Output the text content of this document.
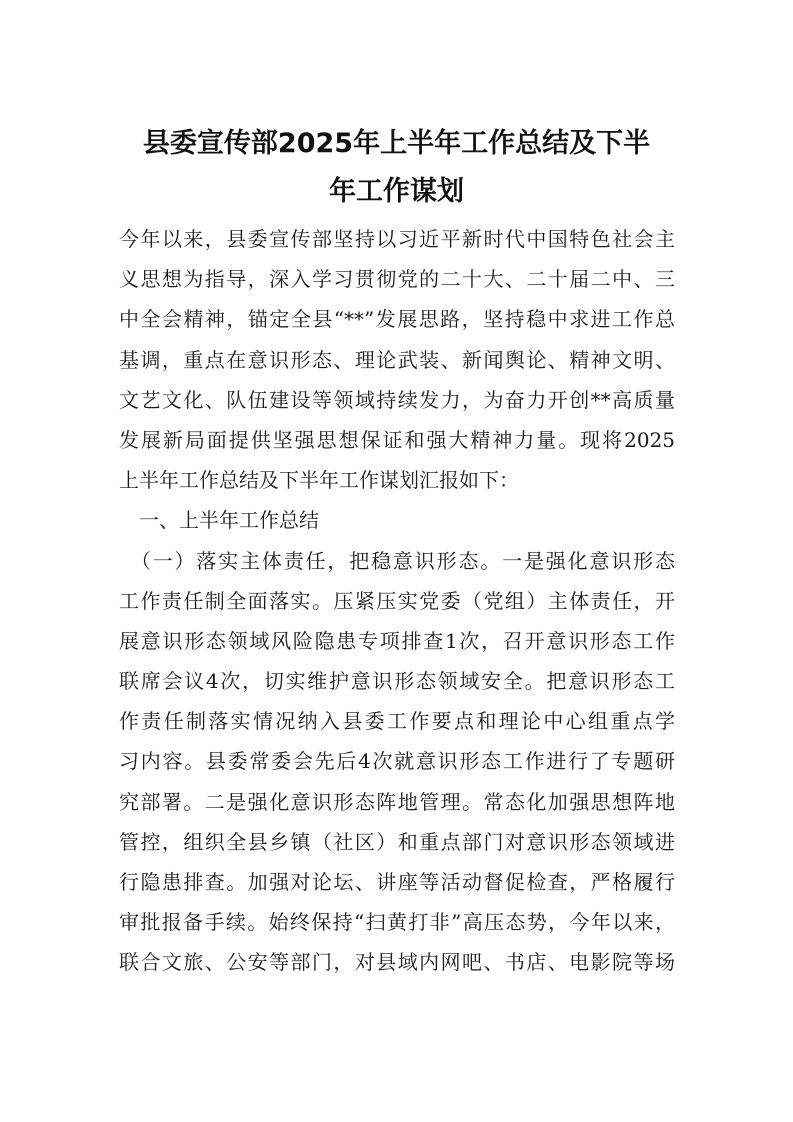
县委宣传部2025年上半年工作总结及下半
年工作谋划
今年以来，县委宣传部坚持以习近平新时代中国特色社会主
义思想为指导，深入学习贯彻党的二十大、二十届二中、三
中全会精神，锚定全县“**”发展思路，坚持稳中求进工作总
基调，重点在意识形态、理论武装、新闻舆论、精神文明、
文艺文化、队伍建设等领域持续发力，为奋力开创**高质量
发展新局面提供坚强思想保证和强大精神力量。现将2025
上半年工作总结及下半年工作谋划汇报如下：
　一、上半年工作总结
　（一）落实主体责任，把稳意识形态。一是强化意识形态
工作责任制全面落实。压紧压实党委（党组）主体责任，开
展意识形态领域风险隐患专项排查1次，召开意识形态工作
联席会议4次，切实维护意识形态领域安全。把意识形态工
作责任制落实情况纳入县委工作要点和理论中心组重点学
习内容。县委常委会先后4次就意识形态工作进行了专题研
究部署。二是强化意识形态阵地管理。常态化加强思想阵地
管控，组织全县乡镇（社区）和重点部门对意识形态领域进
行隐患排查。加强对论坛、讲座等活动督促检查，严格履行
审批报备手续。始终保持“扫黄打非”高压态势，今年以来，
联合文旅、公安等部门，对县域内网吧、书店、电影院等场
